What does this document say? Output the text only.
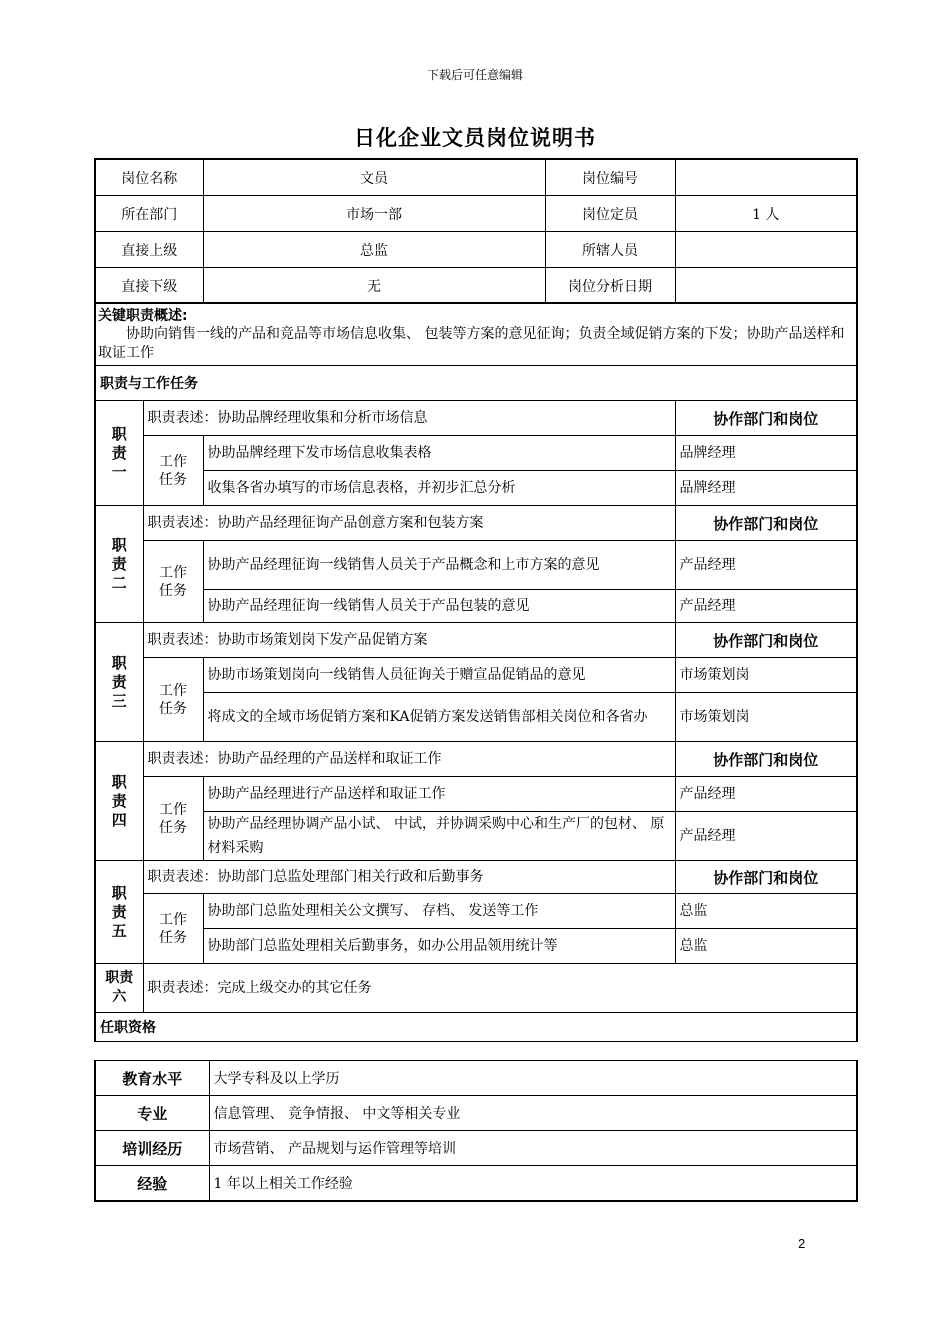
下载后可任意编辑
日化企业文员岗位说明书
岗位名称	文员	岗位编号	
所在部门	市场一部	岗位定员	1 人
直接上级	总监	所辖人员	
直接下级	无	岗位分析日期	
关键职责概述:
协助向销售一线的产品和竞品等市场信息收集、 包装等方案的意见征询；负责全域促销方案的下发；协助产品送样和取证工作			

职责与工作任务			

职责一	职责表述：协助品牌经理收集和分析市场信息		协作部门和岗位

	工作任务	协助品牌经理下发市场信息收集表格	品牌经理
		收集各省办填写的市场信息表格，并初步汇总分析	品牌经理

职责二	职责表述：协助产品经理征询产品创意方案和包装方案		协作部门和岗位

	工作任务	协助产品经理征询一线销售人员关于产品概念和上市方案的意见	产品经理
		协助产品经理征询一线销售人员关于产品包装的意见	产品经理

职责三	职责表述：协助市场策划岗下发产品促销方案		协作部门和岗位

	工作任务	协助市场策划岗向一线销售人员征询关于赠宣品促销品的意见	市场策划岗
		将成文的全域市场促销方案和KA促销方案发送销售部相关岗位和各省办	市场策划岗

职责四	职责表述：协助产品经理的产品送样和取证工作		协作部门和岗位

	工作任务	协助产品经理进行产品送样和取证工作	产品经理
		协助产品经理协调产品小试、 中试，并协调采购中心和生产厂的包材、 原材料采购	产品经理

职责五	职责表述：协助部门总监处理部门相关行政和后勤事务		协作部门和岗位

	工作任务	协助部门总监处理相关公文撰写、 存档、 发送等工作	总监
		协助部门总监处理相关后勤事务，如办公用品领用统计等	总监

职责六	职责表述：完成上级交办的其它任务		
任职资格			
教育水平	大学专科及以上学历
专业	信息管理、 竞争情报、 中文等相关专业
培训经历	市场营销、 产品规划与运作管理等培训
经验	1 年以上相关工作经验
2
